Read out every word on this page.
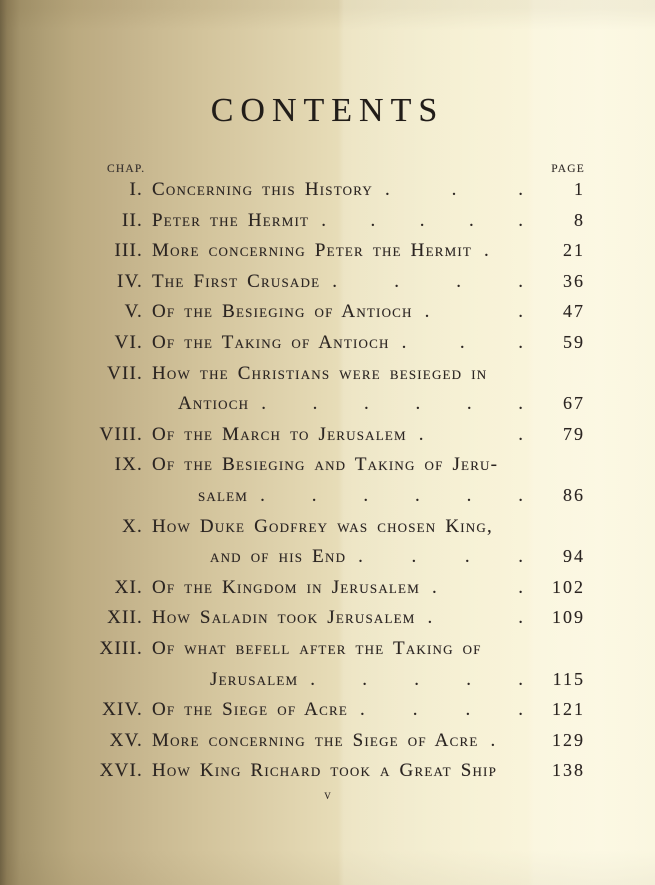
CONTENTS
CHAP.	PAGE
I. Concerning this History . . .	1
II. Peter the Hermit . . . . .	8
III. More concerning Peter the Hermit .	21
IV. The First Crusade . . . .	36
V. Of the Besieging of Antioch . .	47
VI. Of the Taking of Antioch . . .	59
VII. How the Christians were besieged in
Antioch . . . . . .	67
VIII. Of the March to Jerusalem . .	79
IX. Of the Besieging and Taking of Jeru-
salem . . . . . .	86
X. How Duke Godfrey was chosen King,
and of his End . . . .	94
XI. Of the Kingdom in Jerusalem . .	102
XII. How Saladin took Jerusalem . .	109
XIII. Of what befell after the Taking of
Jerusalem . . . . .	115
XIV. Of the Siege of Acre . . . .	121
XV. More concerning the Siege of Acre .	129
XVI. How King Richard took a Great Ship	138
v
